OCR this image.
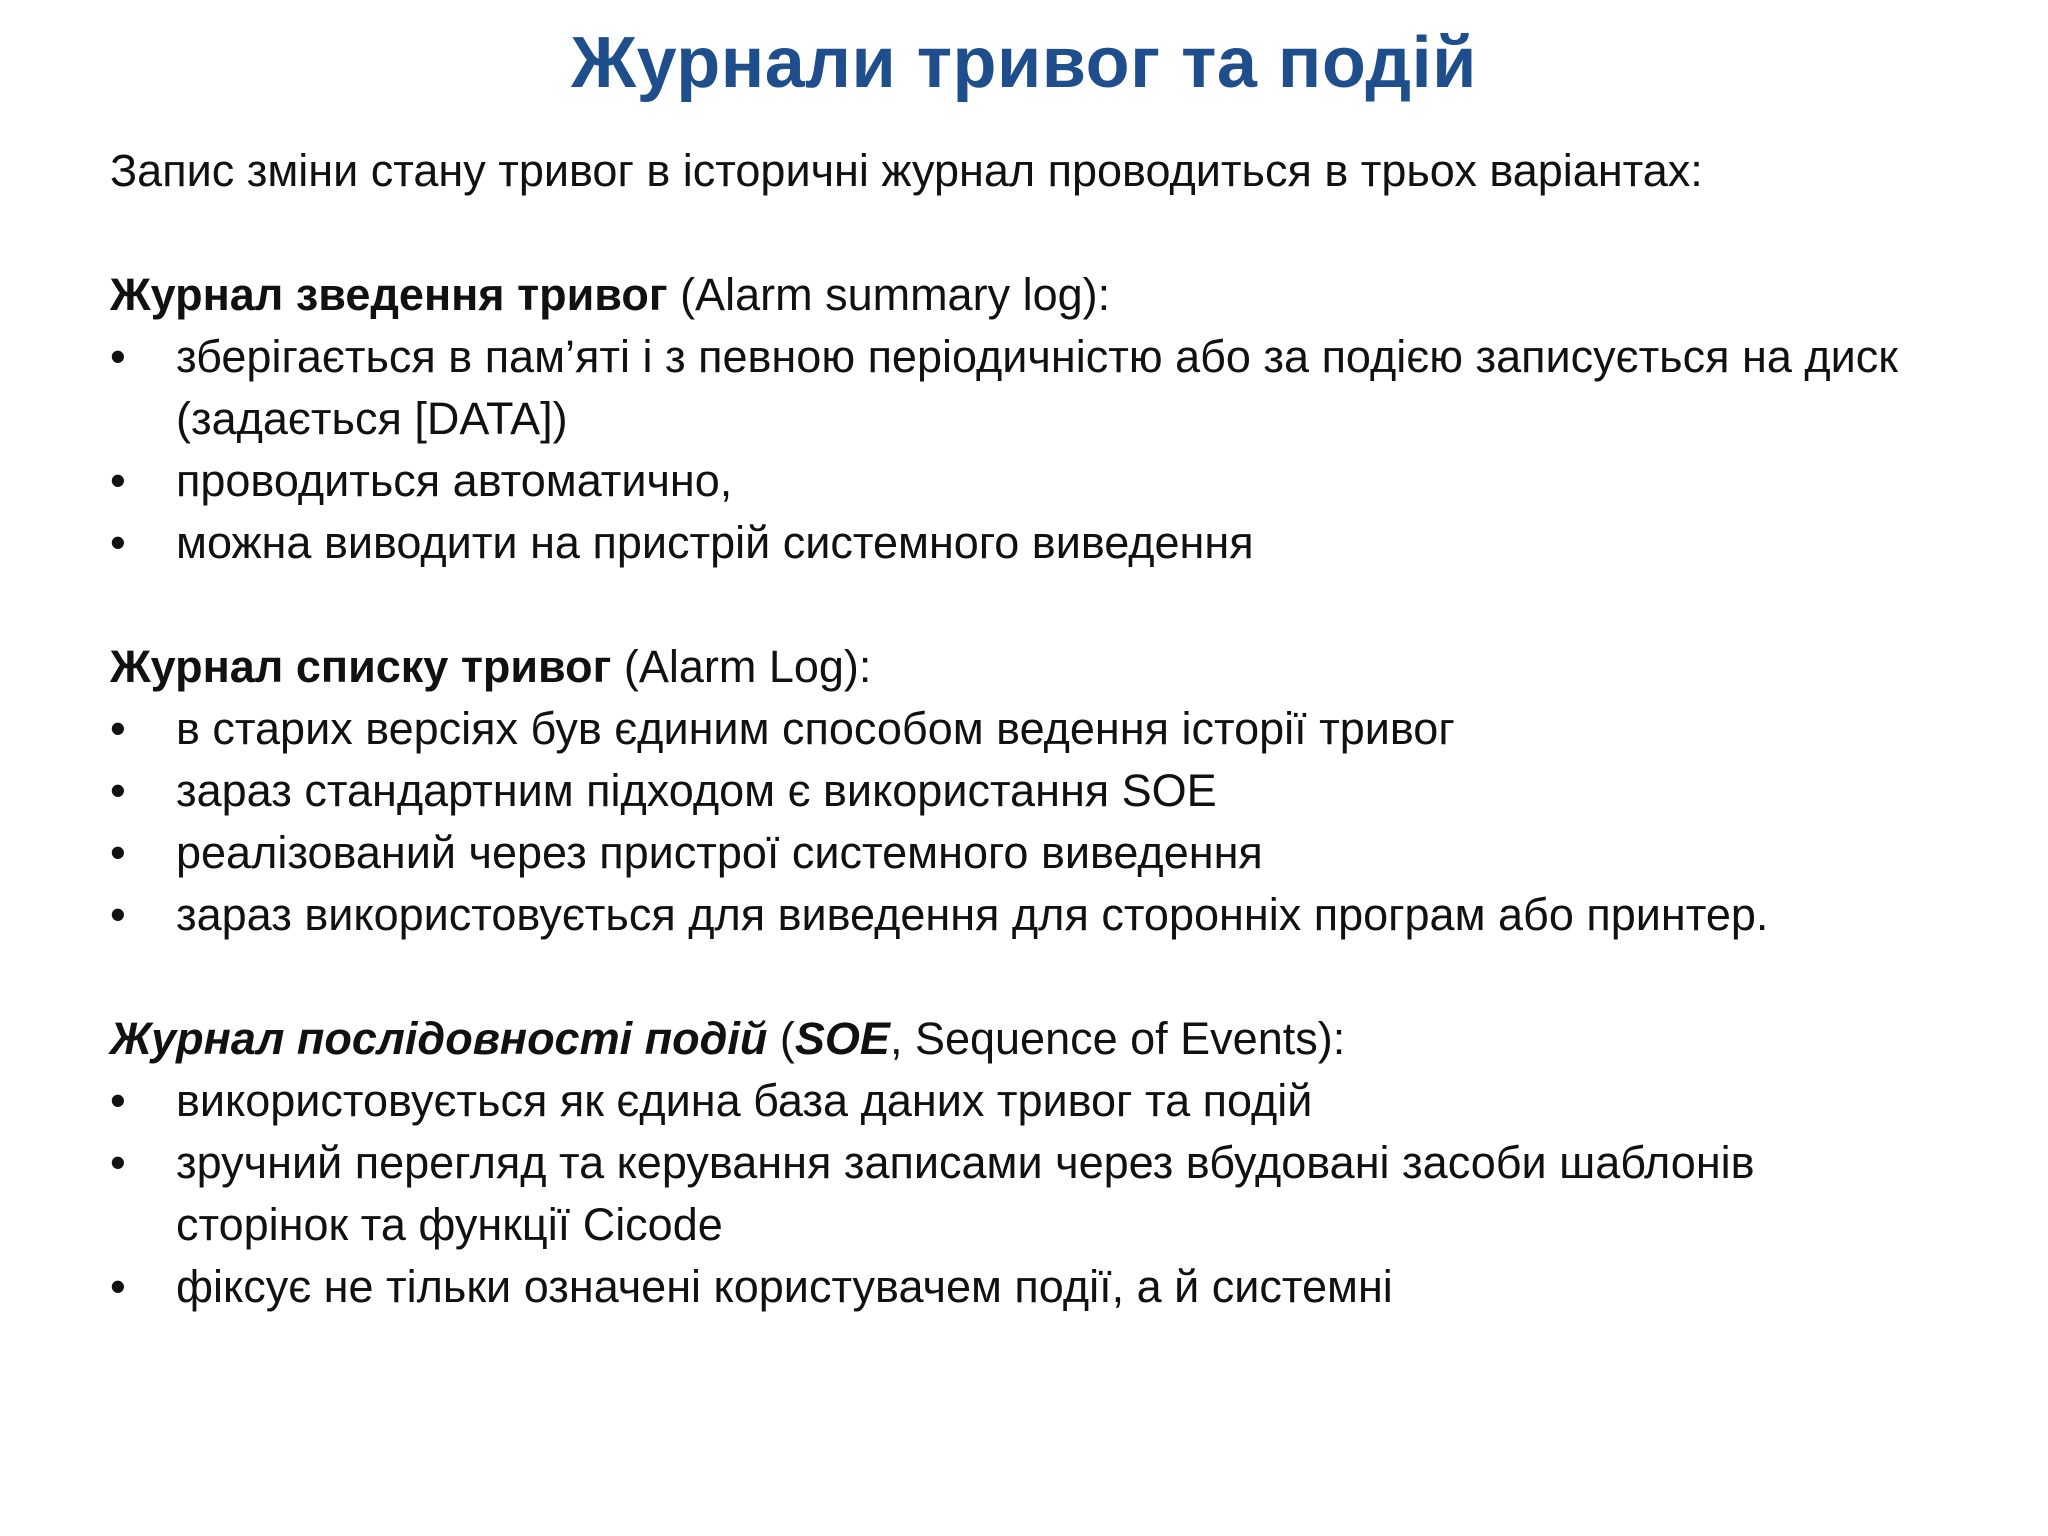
Журнали тривог та подій

Запис зміни стану тривог в історичні журнал проводиться в трьох варіантах:

Журнал зведення тривог (Alarm summary log):

•	зберігається в пам’яті і з певною періодичністю або за подією записується на диск (задається [DATA])
•	проводиться автоматично,
•	можна виводити на пристрій системного виведення

Журнал списку тривог (Alarm Log):

•	в старих версіях був єдиним способом ведення історії тривог
•	зараз стандартним підходом є використання SOE
•	реалізований через пристрої системного виведення
•	зараз використовується для виведення для сторонніх програм або принтер.

Журнал послідовності подій (SOE, Sequence of Events):

•	використовується як єдина база даних тривог та подій
•	зручний перегляд та керування записами через вбудовані засоби шаблонів сторінок та функції Cicode
•	фіксує не тільки означені користувачем події, а й системні
